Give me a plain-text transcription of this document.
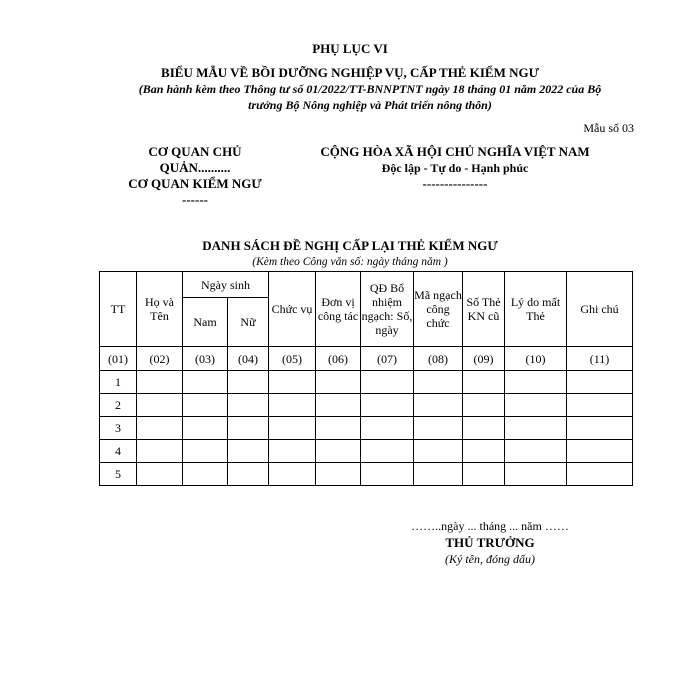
PHỤ LỤC VI
BIỂU MẪU VỀ BỒI DƯỠNG NGHIỆP VỤ, CẤP THẺ KIỂM NGƯ
(Ban hành kèm theo Thông tư số 01/2022/TT-BNNPTNT ngày 18 tháng 01 năm 2022 của Bộ
trưởng Bộ Nông nghiệp và Phát triển nông thôn)
Mẫu số 03
CƠ QUAN CHỦ
QUẢN..........
CƠ QUAN KIỂM NGƯ
------
CỘNG HÒA XÃ HỘI CHỦ NGHĨA VIỆT NAM
Độc lập - Tự do - Hạnh phúc
---------------
DANH SÁCH ĐỀ NGHỊ CẤP LẠI THẺ KIỂM NGƯ
(Kèm theo Công văn số: ngày tháng năm )
TT	Họ và Tên	Ngày sinh		Chức vụ	Đơn vị công tác	QĐ Bổ nhiệm ngạch: Số, ngày	Mã ngạch công chức	Số Thẻ KN cũ	Lý do mất Thẻ	Ghi chú
		Nam	Nữ							
(01)	(02)	(03)	(04)	(05)	(06)	(07)	(08)	(09)	(10)	(11)
1										
2										
3										
4										
5										
……..ngày ... tháng ... năm ……
THỦ TRƯỞNG
(Ký tên, đóng dấu)
